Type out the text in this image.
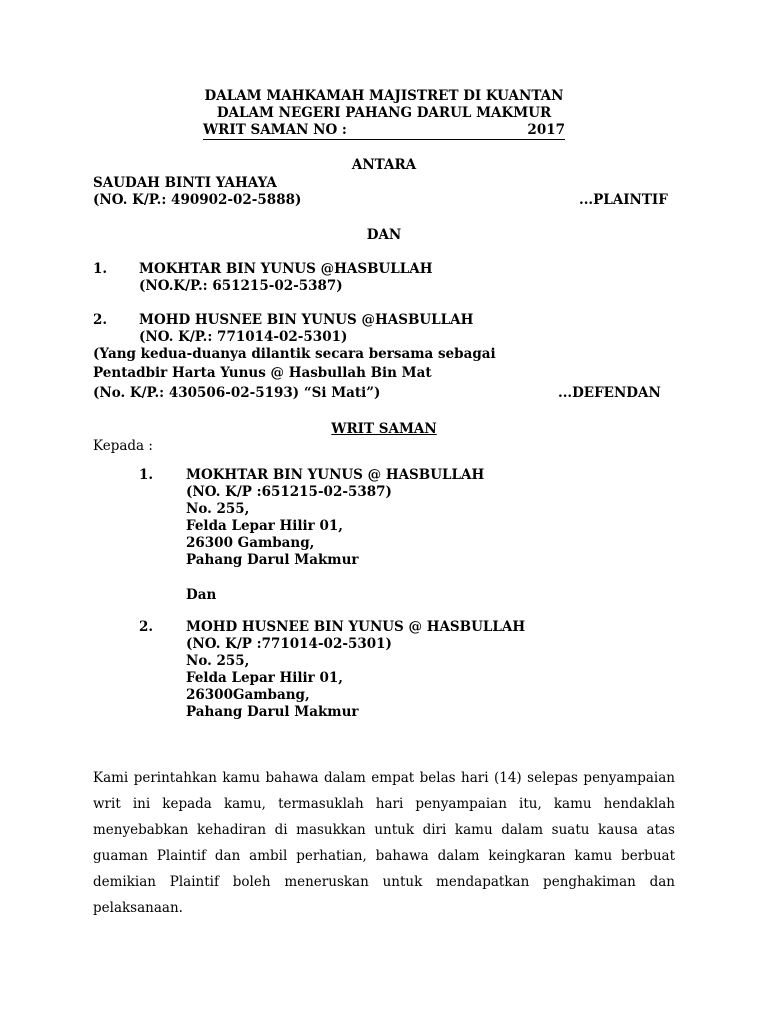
DALAM MAHKAMAH MAJISTRET DI KUANTAN
DALAM NEGERI PAHANG DARUL MAKMUR
WRIT SAMAN NO :	2017
ANTARA
SAUDAH BINTI YAHAYA
(NO. K/P.: 490902-02-5888)	...PLAINTIF
DAN
1. MOKHTAR BIN YUNUS @HASBULLAH
(NO.K/P.: 651215-02-5387)
2. MOHD HUSNEE BIN YUNUS @HASBULLAH
(NO. K/P.: 771014-02-5301)
(Yang kedua-duanya dilantik secara bersama sebagai
Pentadbir Harta Yunus @ Hasbullah Bin Mat
(No. K/P.: 430506-02-5193) “Si Mati”)	...DEFENDAN
WRIT SAMAN
Kepada :
1. MOKHTAR BIN YUNUS @ HASBULLAH
(NO. K/P :651215-02-5387)
No. 255,
Felda Lepar Hilir 01,
26300 Gambang,
Pahang Darul Makmur
Dan
2. MOHD HUSNEE BIN YUNUS @ HASBULLAH
(NO. K/P :771014-02-5301)
No. 255,
Felda Lepar Hilir 01,
26300Gambang,
Pahang Darul Makmur
Kami perintahkan kamu bahawa dalam empat belas hari (14) selepas penyampaian writ ini kepada kamu, termasuklah hari penyampaian itu, kamu hendaklah menyebabkan kehadiran di masukkan untuk diri kamu dalam suatu kausa atas guaman Plaintif dan ambil perhatian, bahawa dalam keingkaran kamu berbuat demikian Plaintif boleh meneruskan untuk mendapatkan penghakiman dan pelaksanaan.
